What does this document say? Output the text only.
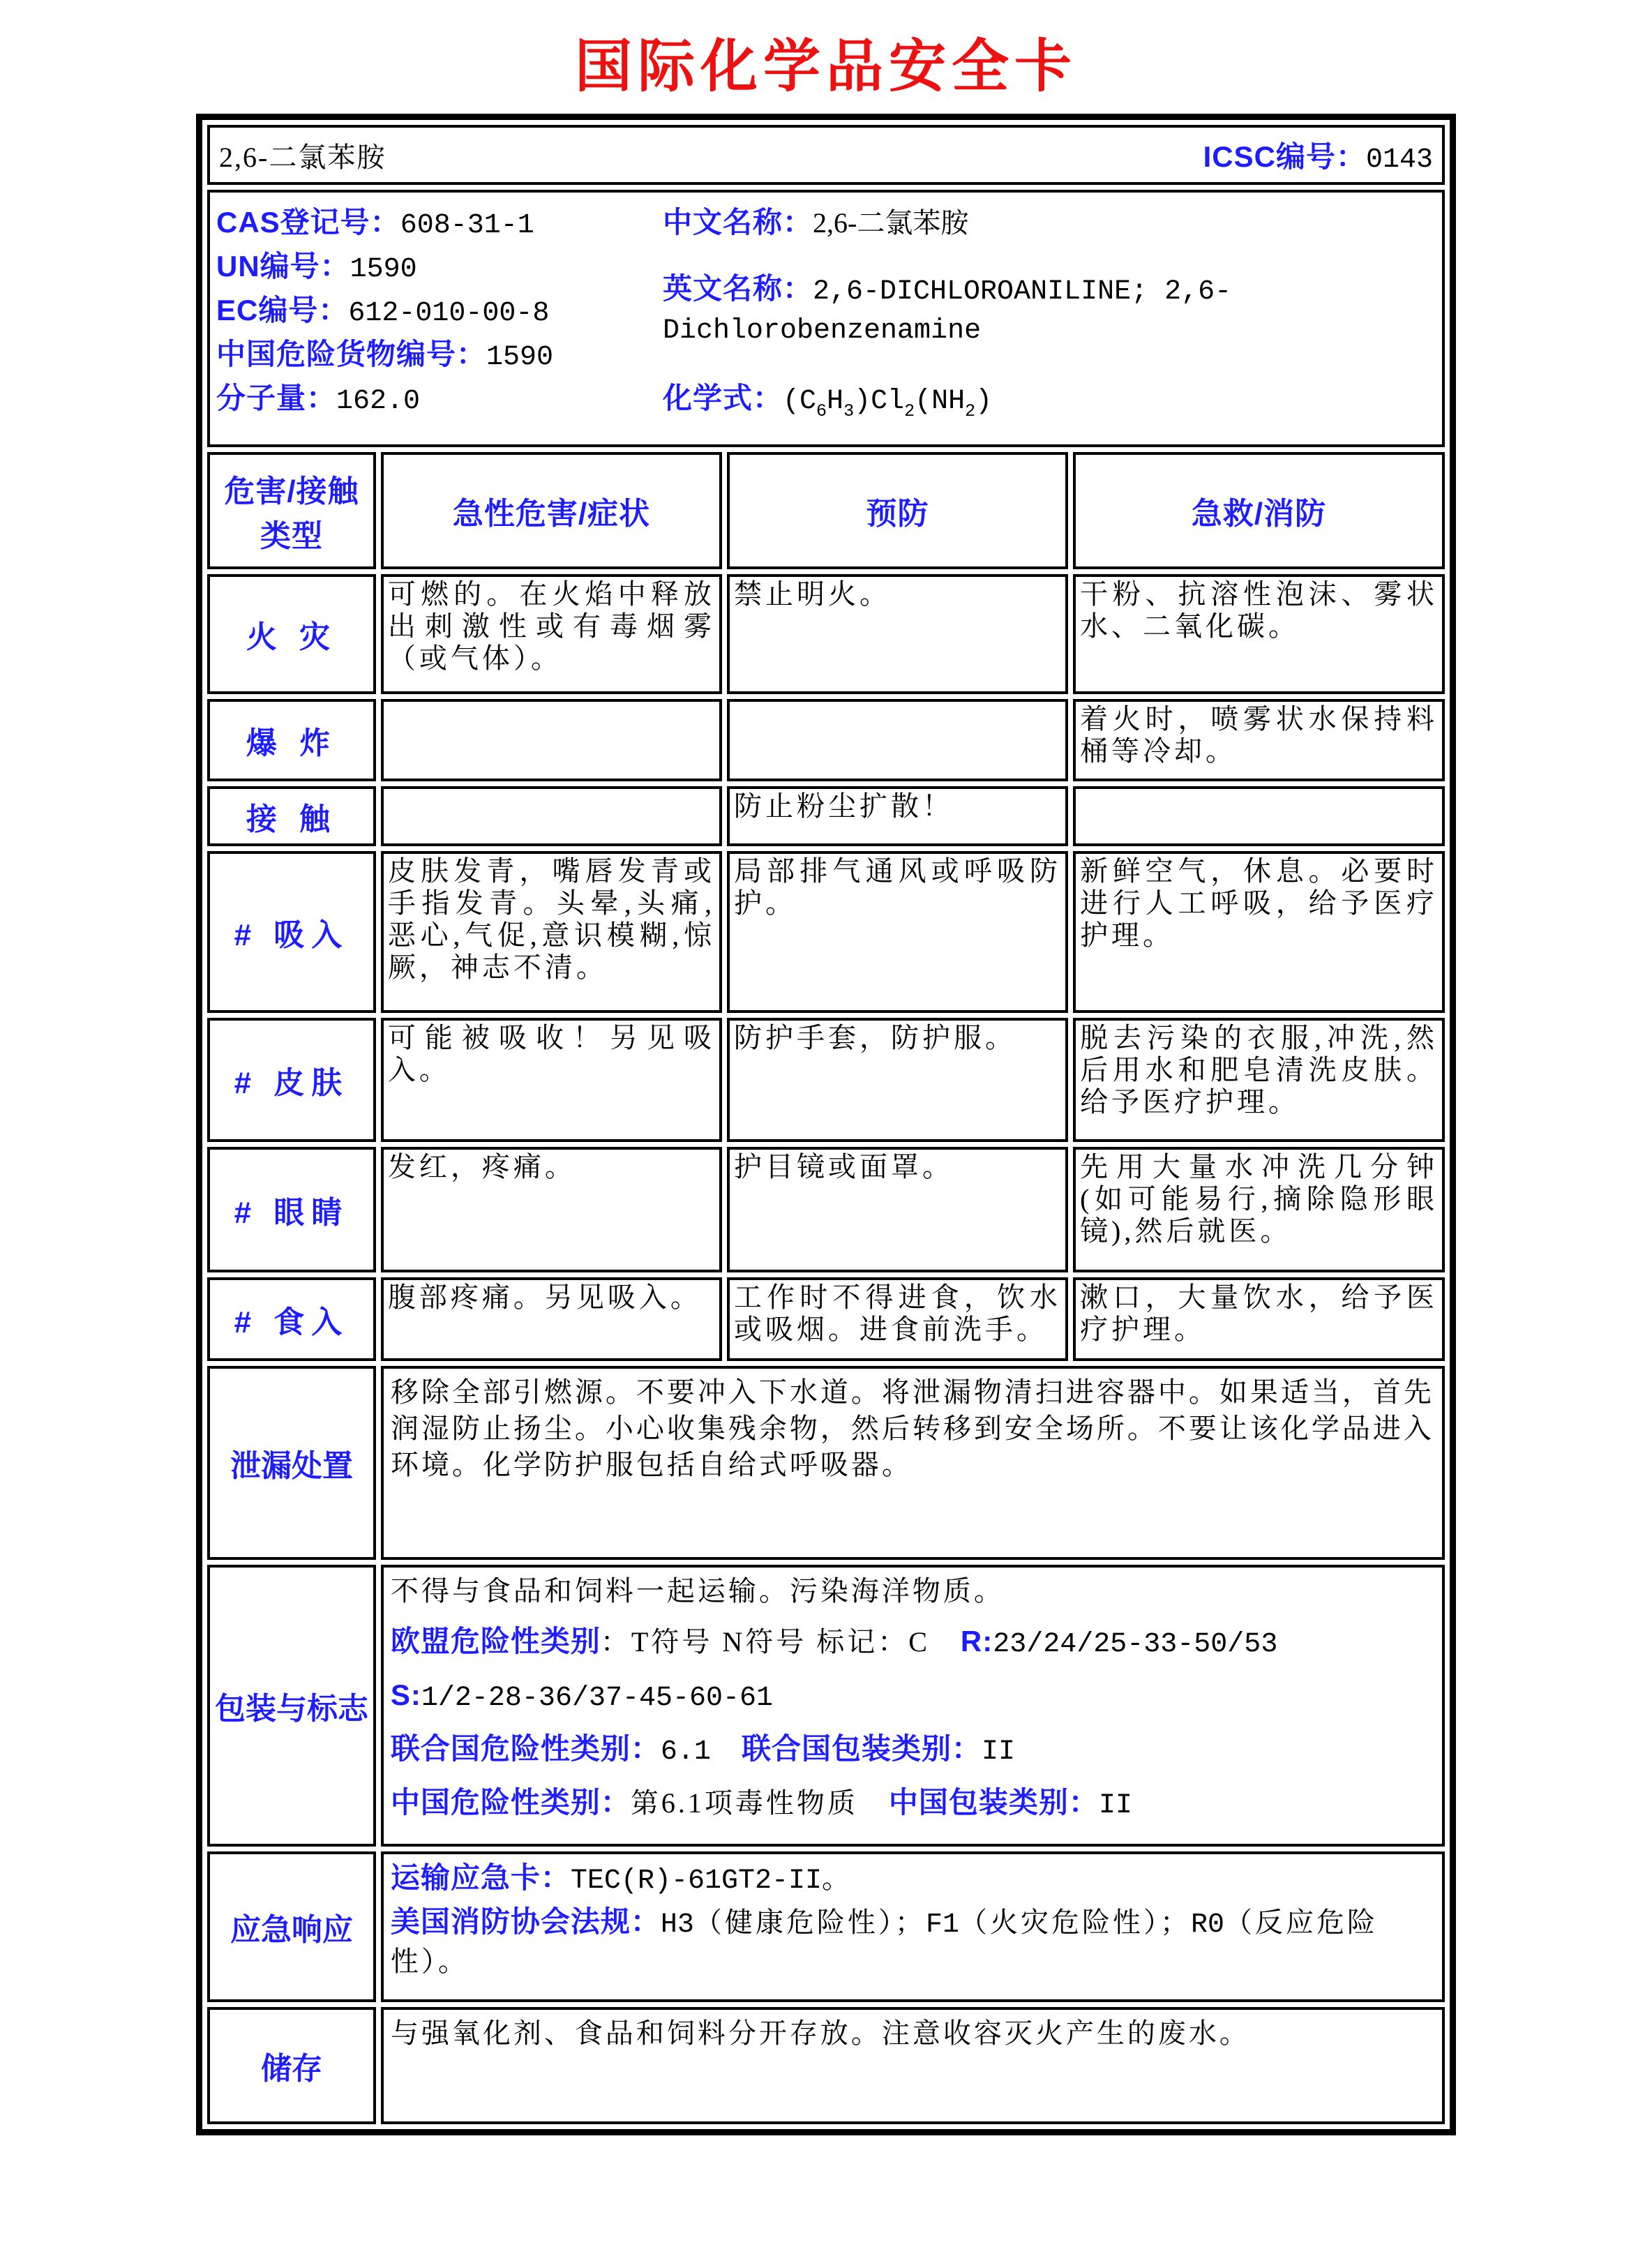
国际化学品安全卡
2,6-二氯苯胺 ICSC编号：0143			

CAS登记号：608-31-1
UN编号：1590
EC编号：612-010-00-8
中国危险货物编号：1590
分子量：162.0
中文名称：2,6-二氯苯胺
英文名称：2,6-DICHLOROANILINE; 2,6-Dichlorobenzenamine
化学式：$(C_6H_3)Cl_2(NH_2)$

危害/接触类型	急性危害/症状	预防	急救/消防
火 灾	可燃的。在火焰中释放出刺激性或有毒烟雾（或气体）。	禁止明火。	干粉、抗溶性泡沫、雾状水、二氧化碳。
爆 炸			着火时，喷雾状水保持料桶等冷却。
接 触		防止粉尘扩散！	
# 吸入	皮肤发青，嘴唇发青或手指发青。头晕,头痛,恶心,气促,意识模糊,惊厥，神志不清。	局部排气通风或呼吸防护。	新鲜空气，休息。必要时进行人工呼吸，给予医疗护理。
# 皮肤	可能被吸收！另见吸入。	防护手套，防护服。	脱去污染的衣服,冲洗,然后用水和肥皂清洗皮肤。给予医疗护理。
# 眼睛	发红，疼痛。	护目镜或面罩。	先用大量水冲洗几分钟(如可能易行,摘除隐形眼镜),然后就医。
# 食入	腹部疼痛。另见吸入。	工作时不得进食，饮水或吸烟。进食前洗手。	漱口，大量饮水，给予医疗护理。
泄漏处置	移除全部引燃源。不要冲入下水道。将泄漏物清扫进容器中。如果适当，首先润湿防止扬尘。小心收集残余物，然后转移到安全场所。不要让该化学品进入环境。化学防护服包括自给式呼吸器。		

包装与标志	不得与食品和饲料一起运输。污染海洋物质。
欧盟危险性类别：T符号 N符号 标记：C　 R:23/24/25-33-50/53
S:1/2-28-36/37-45-60-61
联合国危险性类别：6.1　 联合国包装类别：II
中国危险性类别：第6.1项毒性物质　 中国包装类别：II		

应急响应	运输应急卡：TEC(R)-61GT2-II。
美国消防协会法规：H3（健康危险性）；F1（火灾危险性）；R0（反应危险性）。		

储存	与强氧化剂、食品和饲料分开存放。注意收容灭火产生的废水。		
